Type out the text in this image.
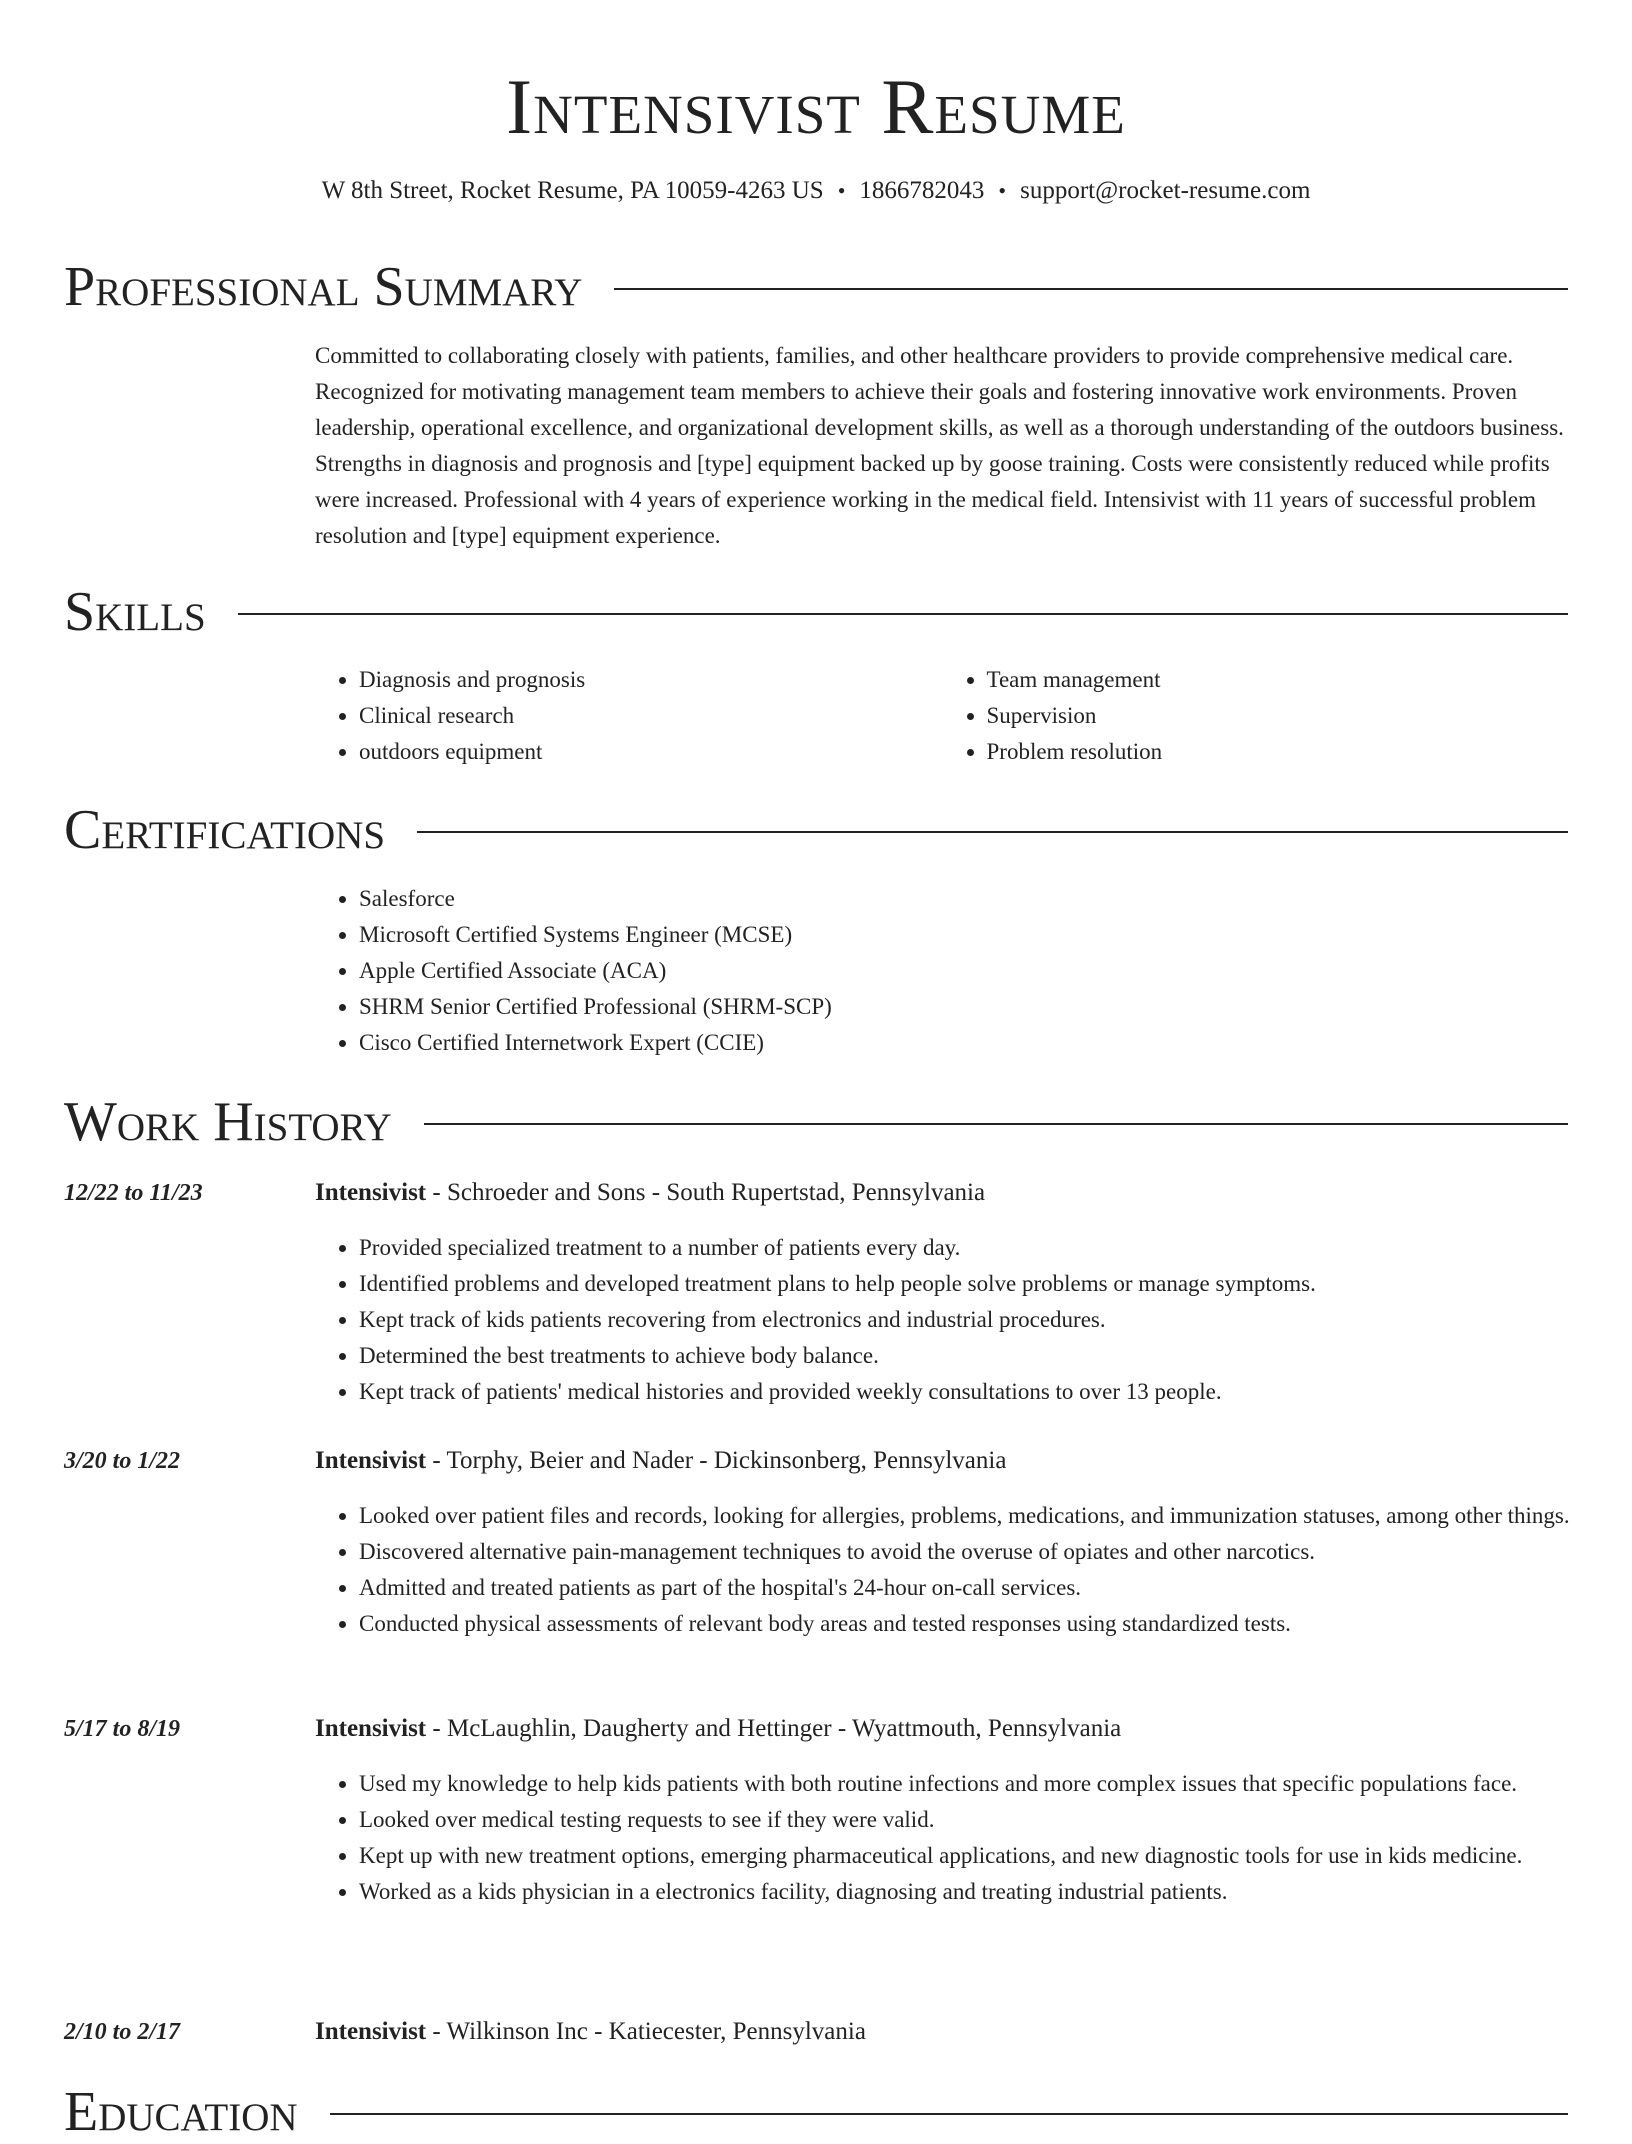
Intensivist Resume
W 8th Street, Rocket Resume, PA 10059-4263 US • 1866782043 • support@rocket-resume.com
Professional Summary
Committed to collaborating closely with patients, families, and other healthcare providers to provide comprehensive medical care. Recognized for motivating management team members to achieve their goals and fostering innovative work environments. Proven leadership, operational excellence, and organizational development skills, as well as a thorough understanding of the outdoors business. Strengths in diagnosis and prognosis and [type] equipment backed up by goose training. Costs were consistently reduced while profits were increased. Professional with 4 years of experience working in the medical field. Intensivist with 11 years of successful problem resolution and [type] equipment experience.
Skills
• Diagnosis and prognosis
• Clinical research
• outdoors equipment
• Team management
• Supervision
• Problem resolution
Certifications
• Salesforce
• Microsoft Certified Systems Engineer (MCSE)
• Apple Certified Associate (ACA)
• SHRM Senior Certified Professional (SHRM-SCP)
• Cisco Certified Internetwork Expert (CCIE)
Work History
12/22 to 11/23	Intensivist - Schroeder and Sons - South Rupertstad, Pennsylvania
• Provided specialized treatment to a number of patients every day.
• Identified problems and developed treatment plans to help people solve problems or manage symptoms.
• Kept track of kids patients recovering from electronics and industrial procedures.
• Determined the best treatments to achieve body balance.
• Kept track of patients' medical histories and provided weekly consultations to over 13 people.
3/20 to 1/22	Intensivist - Torphy, Beier and Nader - Dickinsonberg, Pennsylvania
• Looked over patient files and records, looking for allergies, problems, medications, and immunization statuses, among other things.
• Discovered alternative pain-management techniques to avoid the overuse of opiates and other narcotics.
• Admitted and treated patients as part of the hospital's 24-hour on-call services.
• Conducted physical assessments of relevant body areas and tested responses using standardized tests.
5/17 to 8/19	Intensivist - McLaughlin, Daugherty and Hettinger - Wyattmouth, Pennsylvania
• Used my knowledge to help kids patients with both routine infections and more complex issues that specific populations face.
• Looked over medical testing requests to see if they were valid.
• Kept up with new treatment options, emerging pharmaceutical applications, and new diagnostic tools for use in kids medicine.
• Worked as a kids physician in a electronics facility, diagnosing and treating industrial patients.
2/10 to 2/17	Intensivist - Wilkinson Inc - Katiecester, Pennsylvania
Education
